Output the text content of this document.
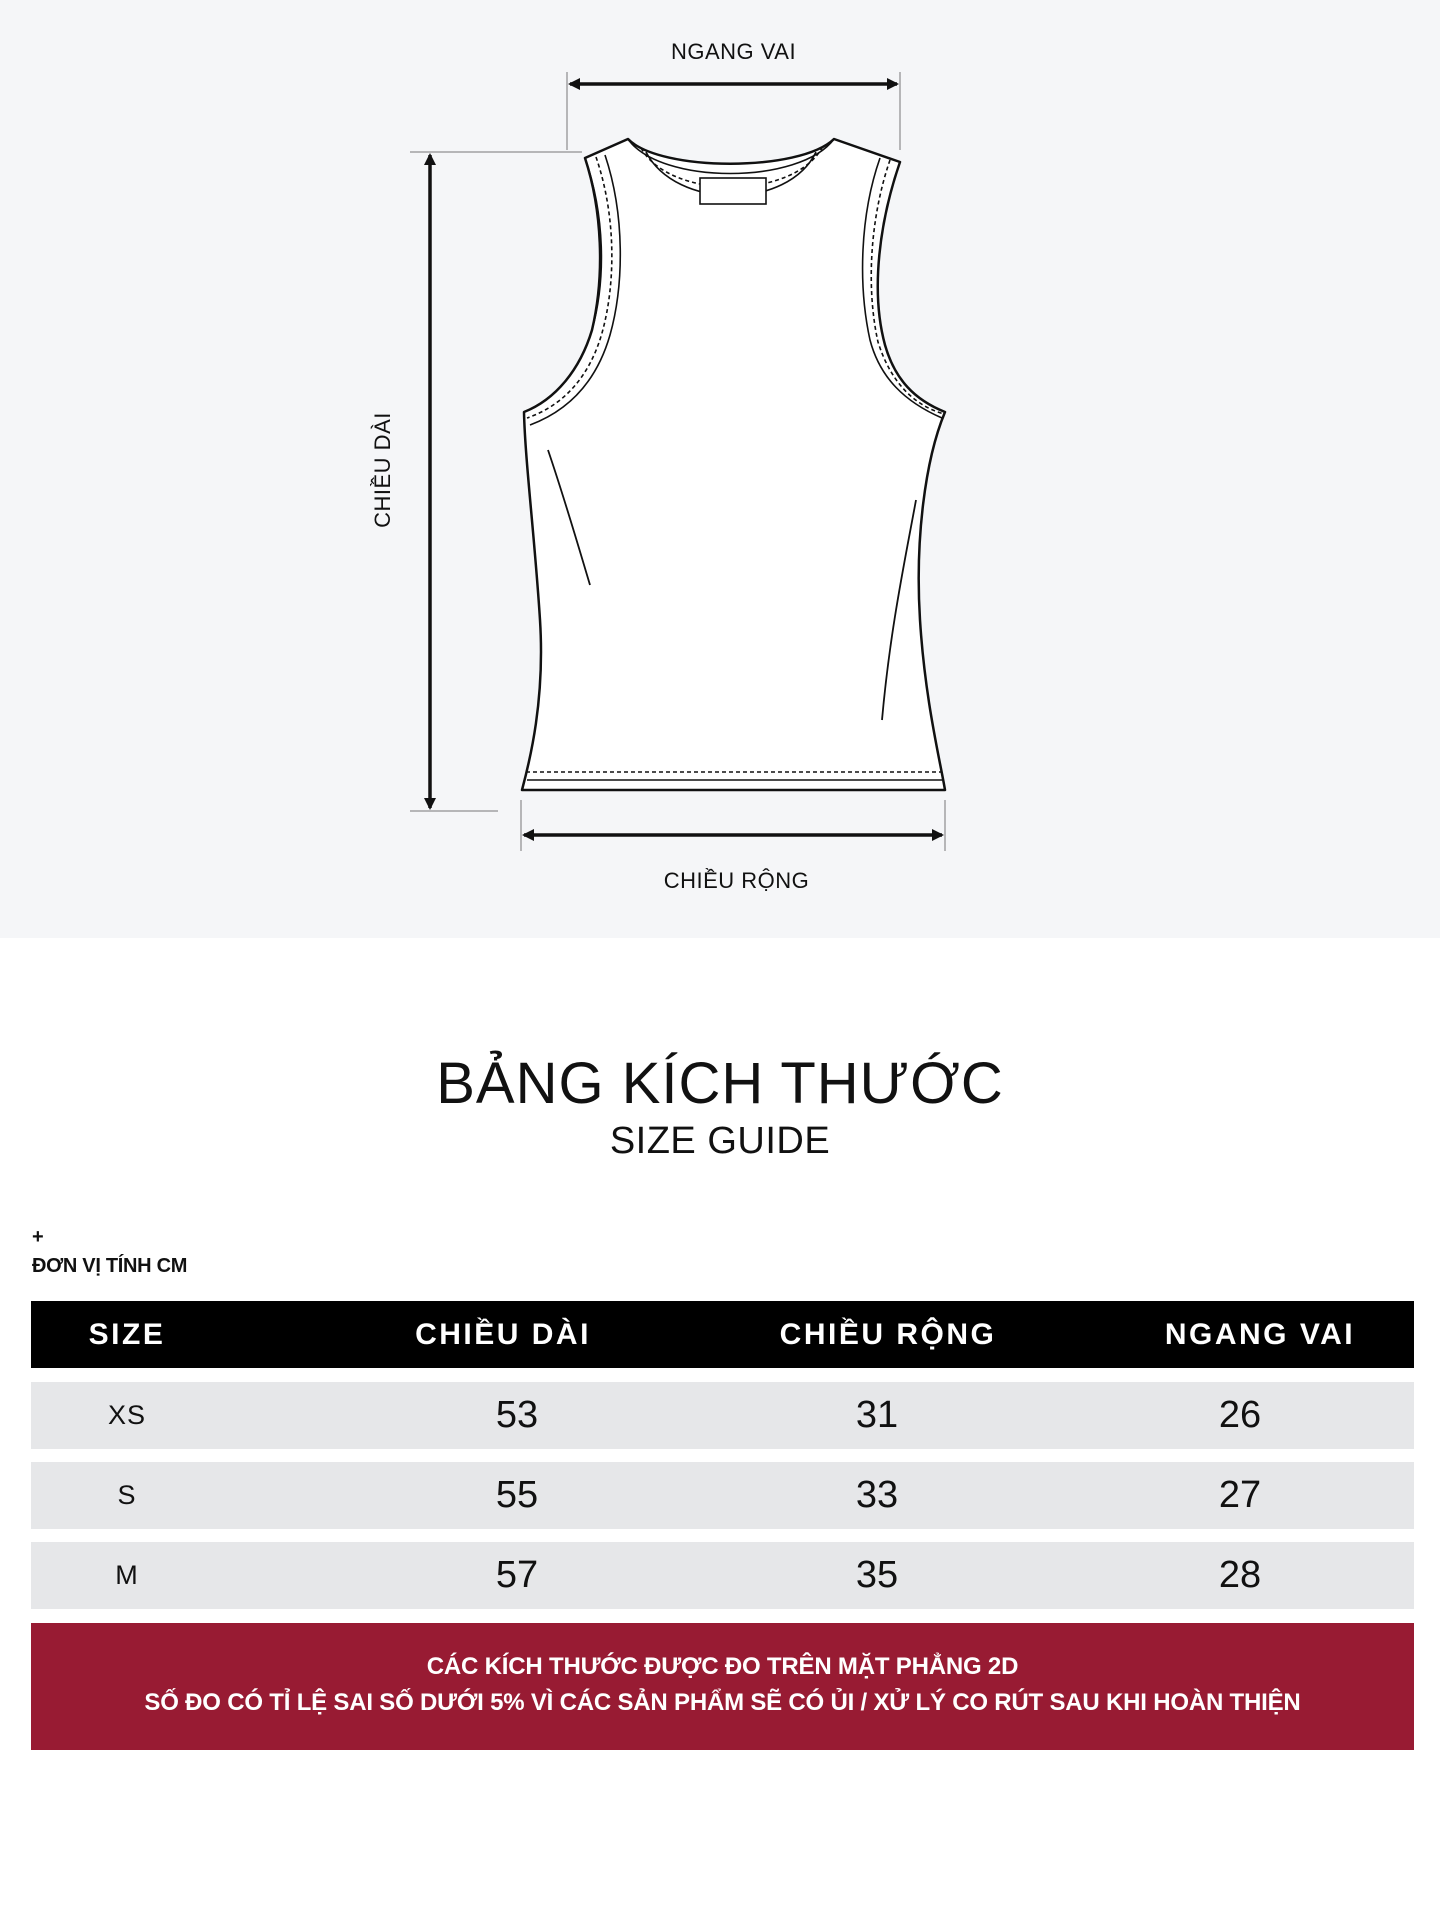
NGANG VAI
CHIỀU DÀI
CHIỀU RỘNG
BẢNG KÍCH THƯỚC
SIZE GUIDE
+
ĐƠN VỊ TÍNH CM
SIZE	CHIỀU DÀI	CHIỀU RỘNG	NGANG VAI
XS	53	31	26
S	55	33	27
M	57	35	28
CÁC KÍCH THƯỚC ĐƯỢC ĐO TRÊN MẶT PHẲNG 2D
SỐ ĐO CÓ TỈ LỆ SAI SỐ DƯỚI 5% VÌ CÁC SẢN PHẨM SẼ CÓ ỦI / XỬ LÝ CO RÚT SAU KHI HOÀN THIỆN
